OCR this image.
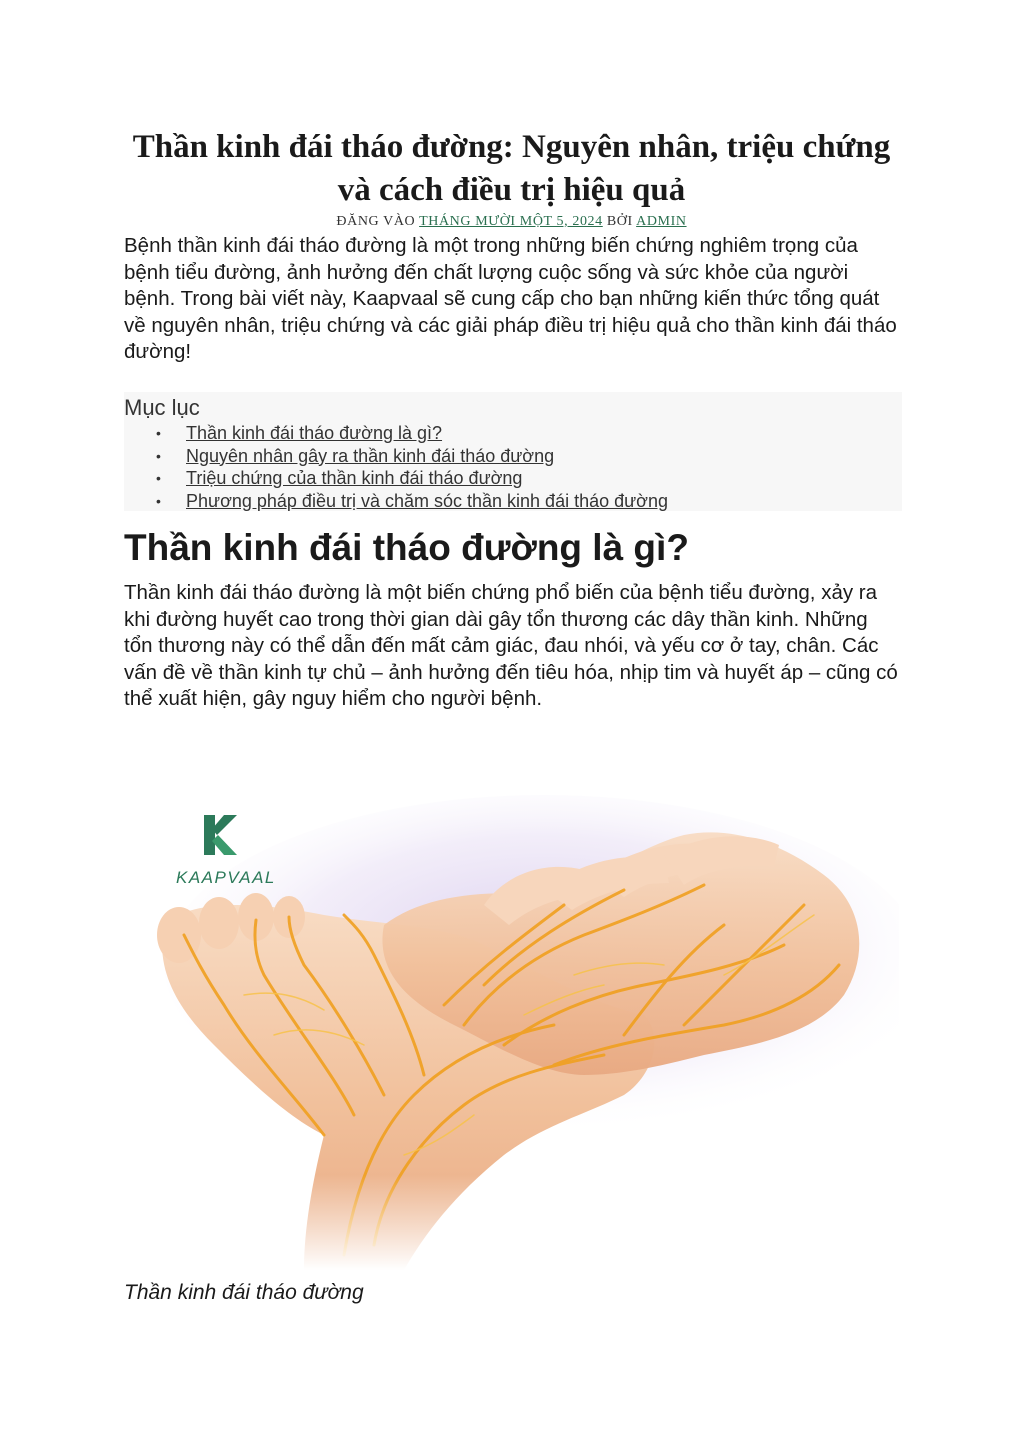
Thần kinh đái tháo đường: Nguyên nhân, triệu chứng và cách điều trị hiệu quả
ĐĂNG VÀO THÁNG MƯỜI MỘT 5, 2024 BỞI ADMIN

Bệnh thần kinh đái tháo đường là một trong những biến chứng nghiêm trọng của bệnh tiểu đường, ảnh hưởng đến chất lượng cuộc sống và sức khỏe của người bệnh. Trong bài viết này, Kaapvaal sẽ cung cấp cho bạn những kiến thức tổng quát về nguyên nhân, triệu chứng và các giải pháp điều trị hiệu quả cho thần kinh đái tháo đường!

Mục lục
• Thần kinh đái tháo đường là gì?
• Nguyên nhân gây ra thần kinh đái tháo đường
• Triệu chứng của thần kinh đái tháo đường
• Phương pháp điều trị và chăm sóc thần kinh đái tháo đường
Thần kinh đái tháo đường là gì?

Thần kinh đái tháo đường là một biến chứng phổ biến của bệnh tiểu đường, xảy ra khi đường huyết cao trong thời gian dài gây tổn thương các dây thần kinh. Những tổn thương này có thể dẫn đến mất cảm giác, đau nhói, và yếu cơ ở tay, chân. Các vấn đề về thần kinh tự chủ – ảnh hưởng đến tiêu hóa, nhịp tim và huyết áp – cũng có thể xuất hiện, gây nguy hiểm cho người bệnh.

KAAPVAAL
Thần kinh đái tháo đường
